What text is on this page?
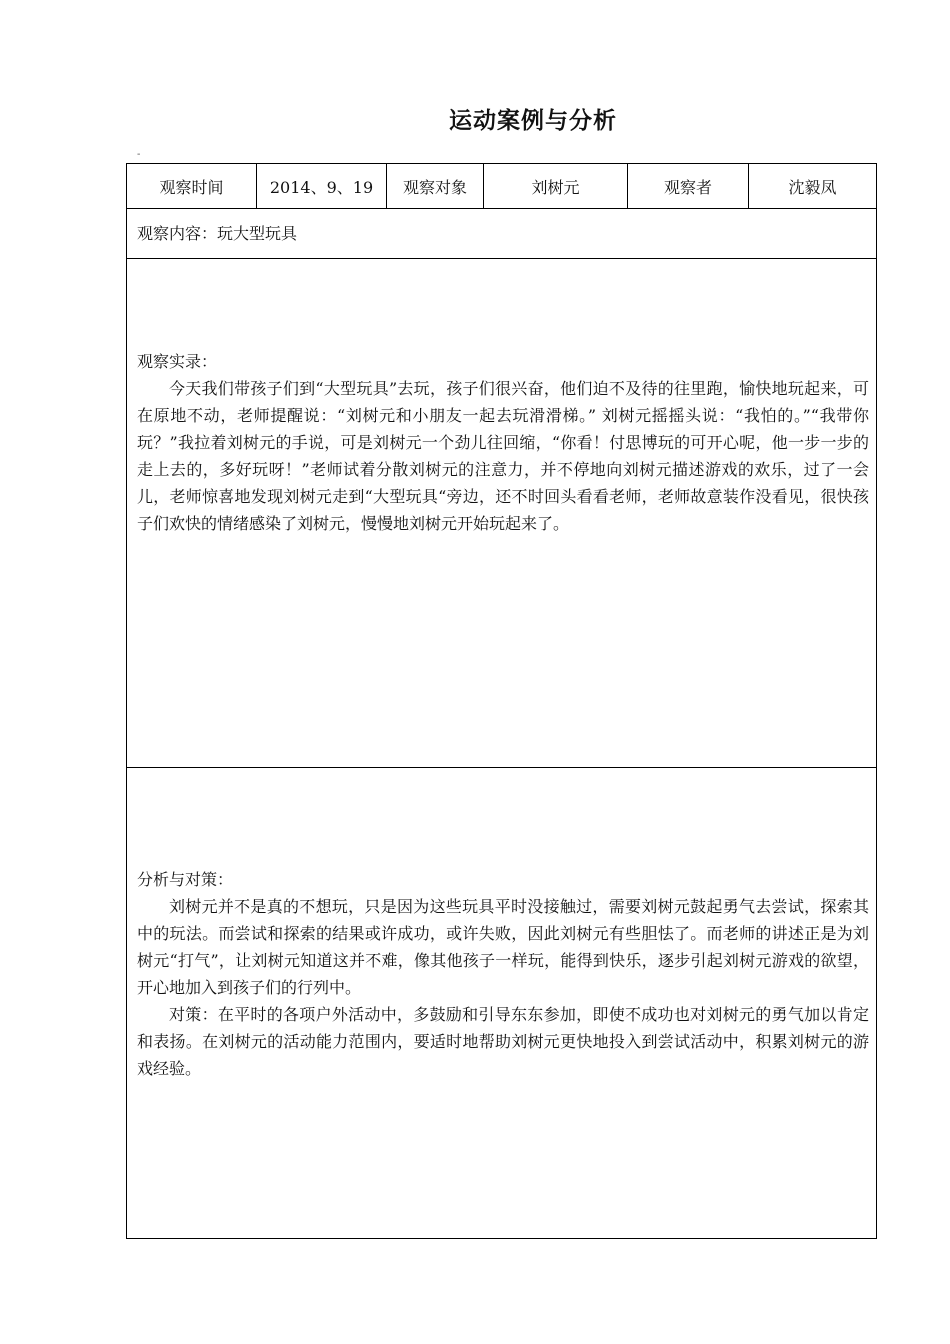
运动案例与分析
-
观察时间	2014、9、19	观察对象	刘树元	观察者	沈毅凤
观察内容：玩大型玩具
观察实录：
今天我们带孩子们到“大型玩具”去玩，孩子们很兴奋，他们迫不及待的往里跑，愉快地玩起来，可在原地不动，老师提醒说：“刘树元和小朋友一起去玩滑滑梯。” 刘树元摇摇头说：“我怕的。”“我带你玩？”我拉着刘树元的手说，可是刘树元一个劲儿往回缩，“你看！付思博玩的可开心呢，他一步一步的走上去的，多好玩呀！”老师试着分散刘树元的注意力，并不停地向刘树元描述游戏的欢乐，过了一会儿，老师惊喜地发现刘树元走到“大型玩具“旁边，还不时回头看看老师，老师故意装作没看见，很快孩子们欢快的情绪感染了刘树元，慢慢地刘树元开始玩起来了。
分析与对策：
刘树元并不是真的不想玩，只是因为这些玩具平时没接触过，需要刘树元鼓起勇气去尝试，探索其中的玩法。而尝试和探索的结果或许成功，或许失败，因此刘树元有些胆怯了。而老师的讲述正是为刘树元“打气”，让刘树元知道这并不难，像其他孩子一样玩，能得到快乐，逐步引起刘树元游戏的欲望，开心地加入到孩子们的行列中。
对策：在平时的各项户外活动中，多鼓励和引导东东参加，即使不成功也对刘树元的勇气加以肯定和表扬。在刘树元的活动能力范围内，要适时地帮助刘树元更快地投入到尝试活动中，积累刘树元的游戏经验。
